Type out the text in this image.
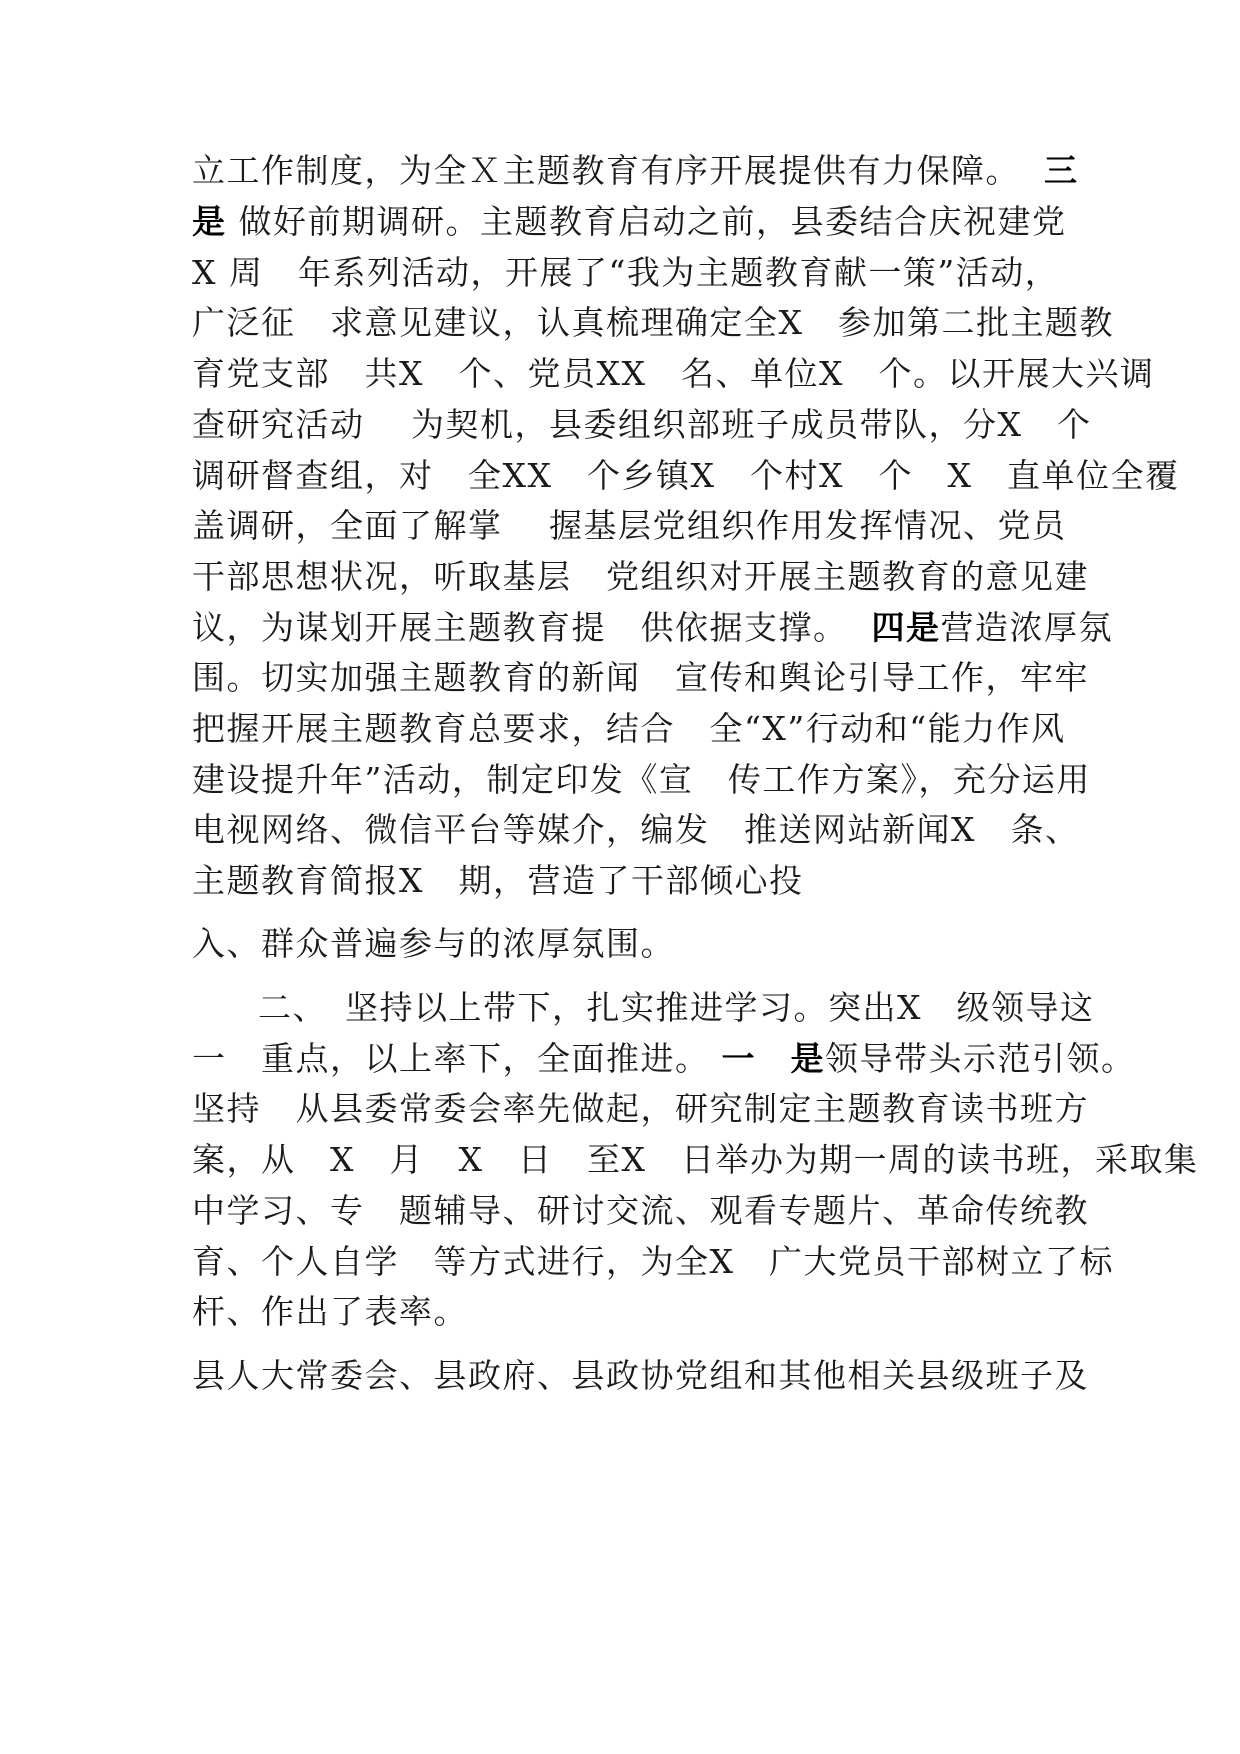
立工作制度，为全Ｘ主题教育有序开展提供有力保障。 三
是 做好前期调研。主题教育启动之前，县委结合庆祝建党
X 周　年系列活动，开展了“我为主题教育献一策”活动，
广泛征　求意见建议，认真梳理确定全X　参加第二批主题教
育党支部　共X　个、党员XX　名、单位X　个。以开展大兴调
查研究活动　 为契机，县委组织部班子成员带队，分X　个
调研督查组，对　全XX　个乡镇X　个村X　个　X　直单位全覆
盖调研，全面了解掌　 握基层党组织作用发挥情况、党员
干部思想状况，听取基层　党组织对开展主题教育的意见建
议，为谋划开展主题教育提　供依据支撑。 四是营造浓厚氛
围。切实加强主题教育的新闻　宣传和舆论引导工作，牢牢
把握开展主题教育总要求，结合　全“X”行动和“能力作风
建设提升年”活动，制定印发《宣　传工作方案》，充分运用
电视网络、微信平台等媒介，编发　推送网站新闻X　条、
主题教育简报X　期，营造了干部倾心投
入、群众普遍参与的浓厚氛围。
二、　坚持以上带下，扎实推进学习。突出X　级领导这
一　重点，以上率下，全面推进。 一　是领导带头示范引领。
坚持　从县委常委会率先做起，研究制定主题教育读书班方
案，从　X　月　X　日　至X　日举办为期一周的读书班，采取集
中学习、专　题辅导、研讨交流、观看专题片、革命传统教
育、个人自学　等方式进行，为全X　广大党员干部树立了标
杆、作出了表率。
县人大常委会、县政府、县政协党组和其他相关县级班子及
